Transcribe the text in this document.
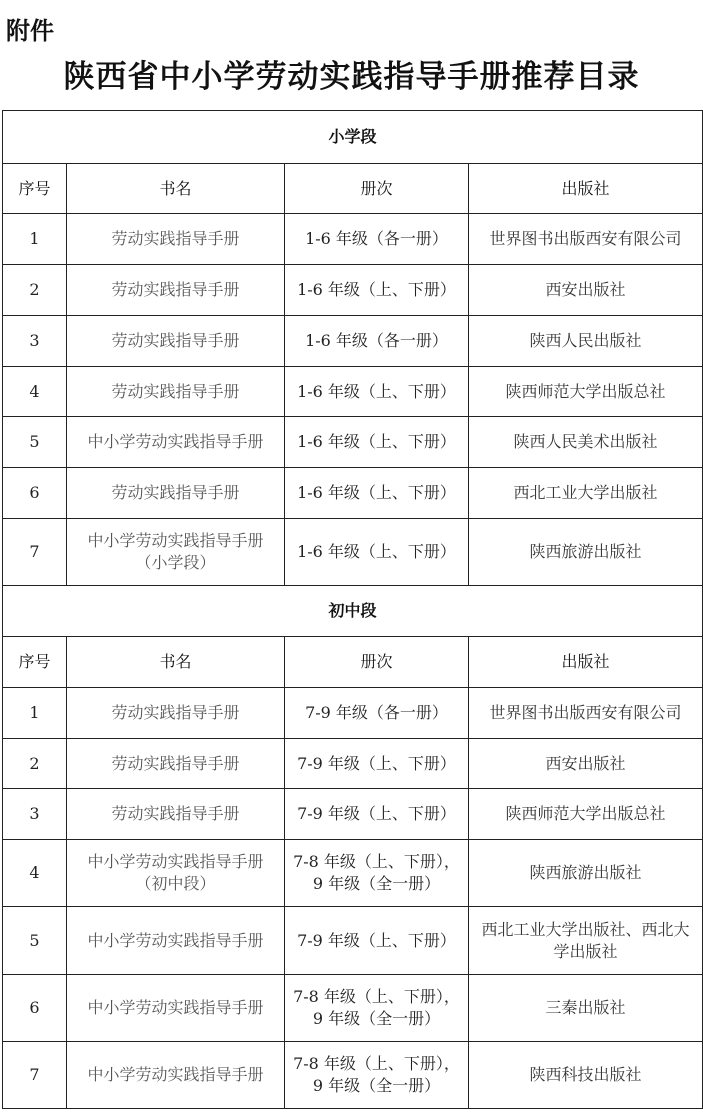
附件
陕西省中小学劳动实践指导手册推荐目录
小学段			
序号	书名	册次	出版社
1	劳动实践指导手册	1-6 年级（各一册）	世界图书出版西安有限公司
2	劳动实践指导手册	1-6 年级（上、下册）	西安出版社
3	劳动实践指导手册	1-6 年级（各一册）	陕西人民出版社
4	劳动实践指导手册	1-6 年级（上、下册）	陕西师范大学出版总社
5	中小学劳动实践指导手册	1-6 年级（上、下册）	陕西人民美术出版社
6	劳动实践指导手册	1-6 年级（上、下册）	西北工业大学出版社
7	中小学劳动实践指导手册（小学段）	1-6 年级（上、下册）	陕西旅游出版社
初中段			
序号	书名	册次	出版社
1	劳动实践指导手册	7-9 年级（各一册）	世界图书出版西安有限公司
2	劳动实践指导手册	7-9 年级（上、下册）	西安出版社
3	劳动实践指导手册	7-9 年级（上、下册）	陕西师范大学出版总社
4	中小学劳动实践指导手册（初中段）	7-8 年级（上、下册），9 年级（全一册）	陕西旅游出版社
5	中小学劳动实践指导手册	7-9 年级（上、下册）	西北工业大学出版社、西北大学出版社
6	中小学劳动实践指导手册	7-8 年级（上、下册），9 年级（全一册）	三秦出版社
7	中小学劳动实践指导手册	7-8 年级（上、下册），9 年级（全一册）	陕西科技出版社
